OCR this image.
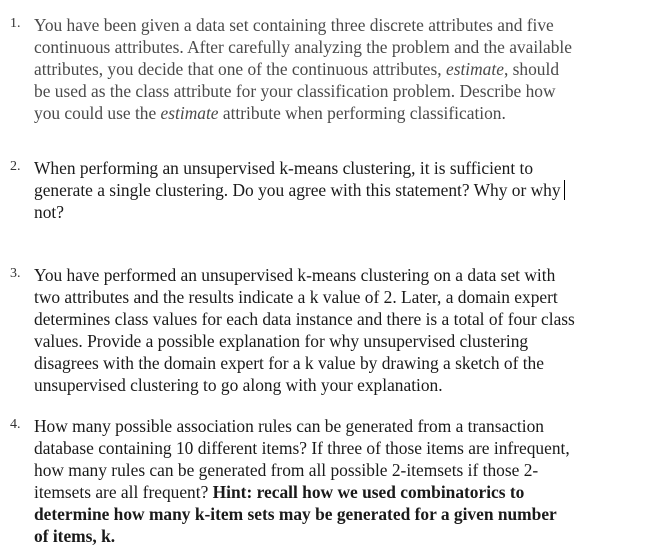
1. You have been given a data set containing three discrete attributes and five
continuous attributes. After carefully analyzing the problem and the available
attributes, you decide that one of the continuous attributes, estimate, should
be used as the class attribute for your classification problem. Describe how
you could use the estimate attribute when performing classification.
2. When performing an unsupervised k-means clustering, it is sufficient to
generate a single clustering. Do you agree with this statement? Why or why
not?
3. You have performed an unsupervised k-means clustering on a data set with
two attributes and the results indicate a k value of 2. Later, a domain expert
determines class values for each data instance and there is a total of four class
values. Provide a possible explanation for why unsupervised clustering
disagrees with the domain expert for a k value by drawing a sketch of the
unsupervised clustering to go along with your explanation.
4. How many possible association rules can be generated from a transaction
database containing 10 different items? If three of those items are infrequent,
how many rules can be generated from all possible 2-itemsets if those 2-
itemsets are all frequent? Hint: recall how we used combinatorics to
determine how many k-item sets may be generated for a given number
of items, k.
